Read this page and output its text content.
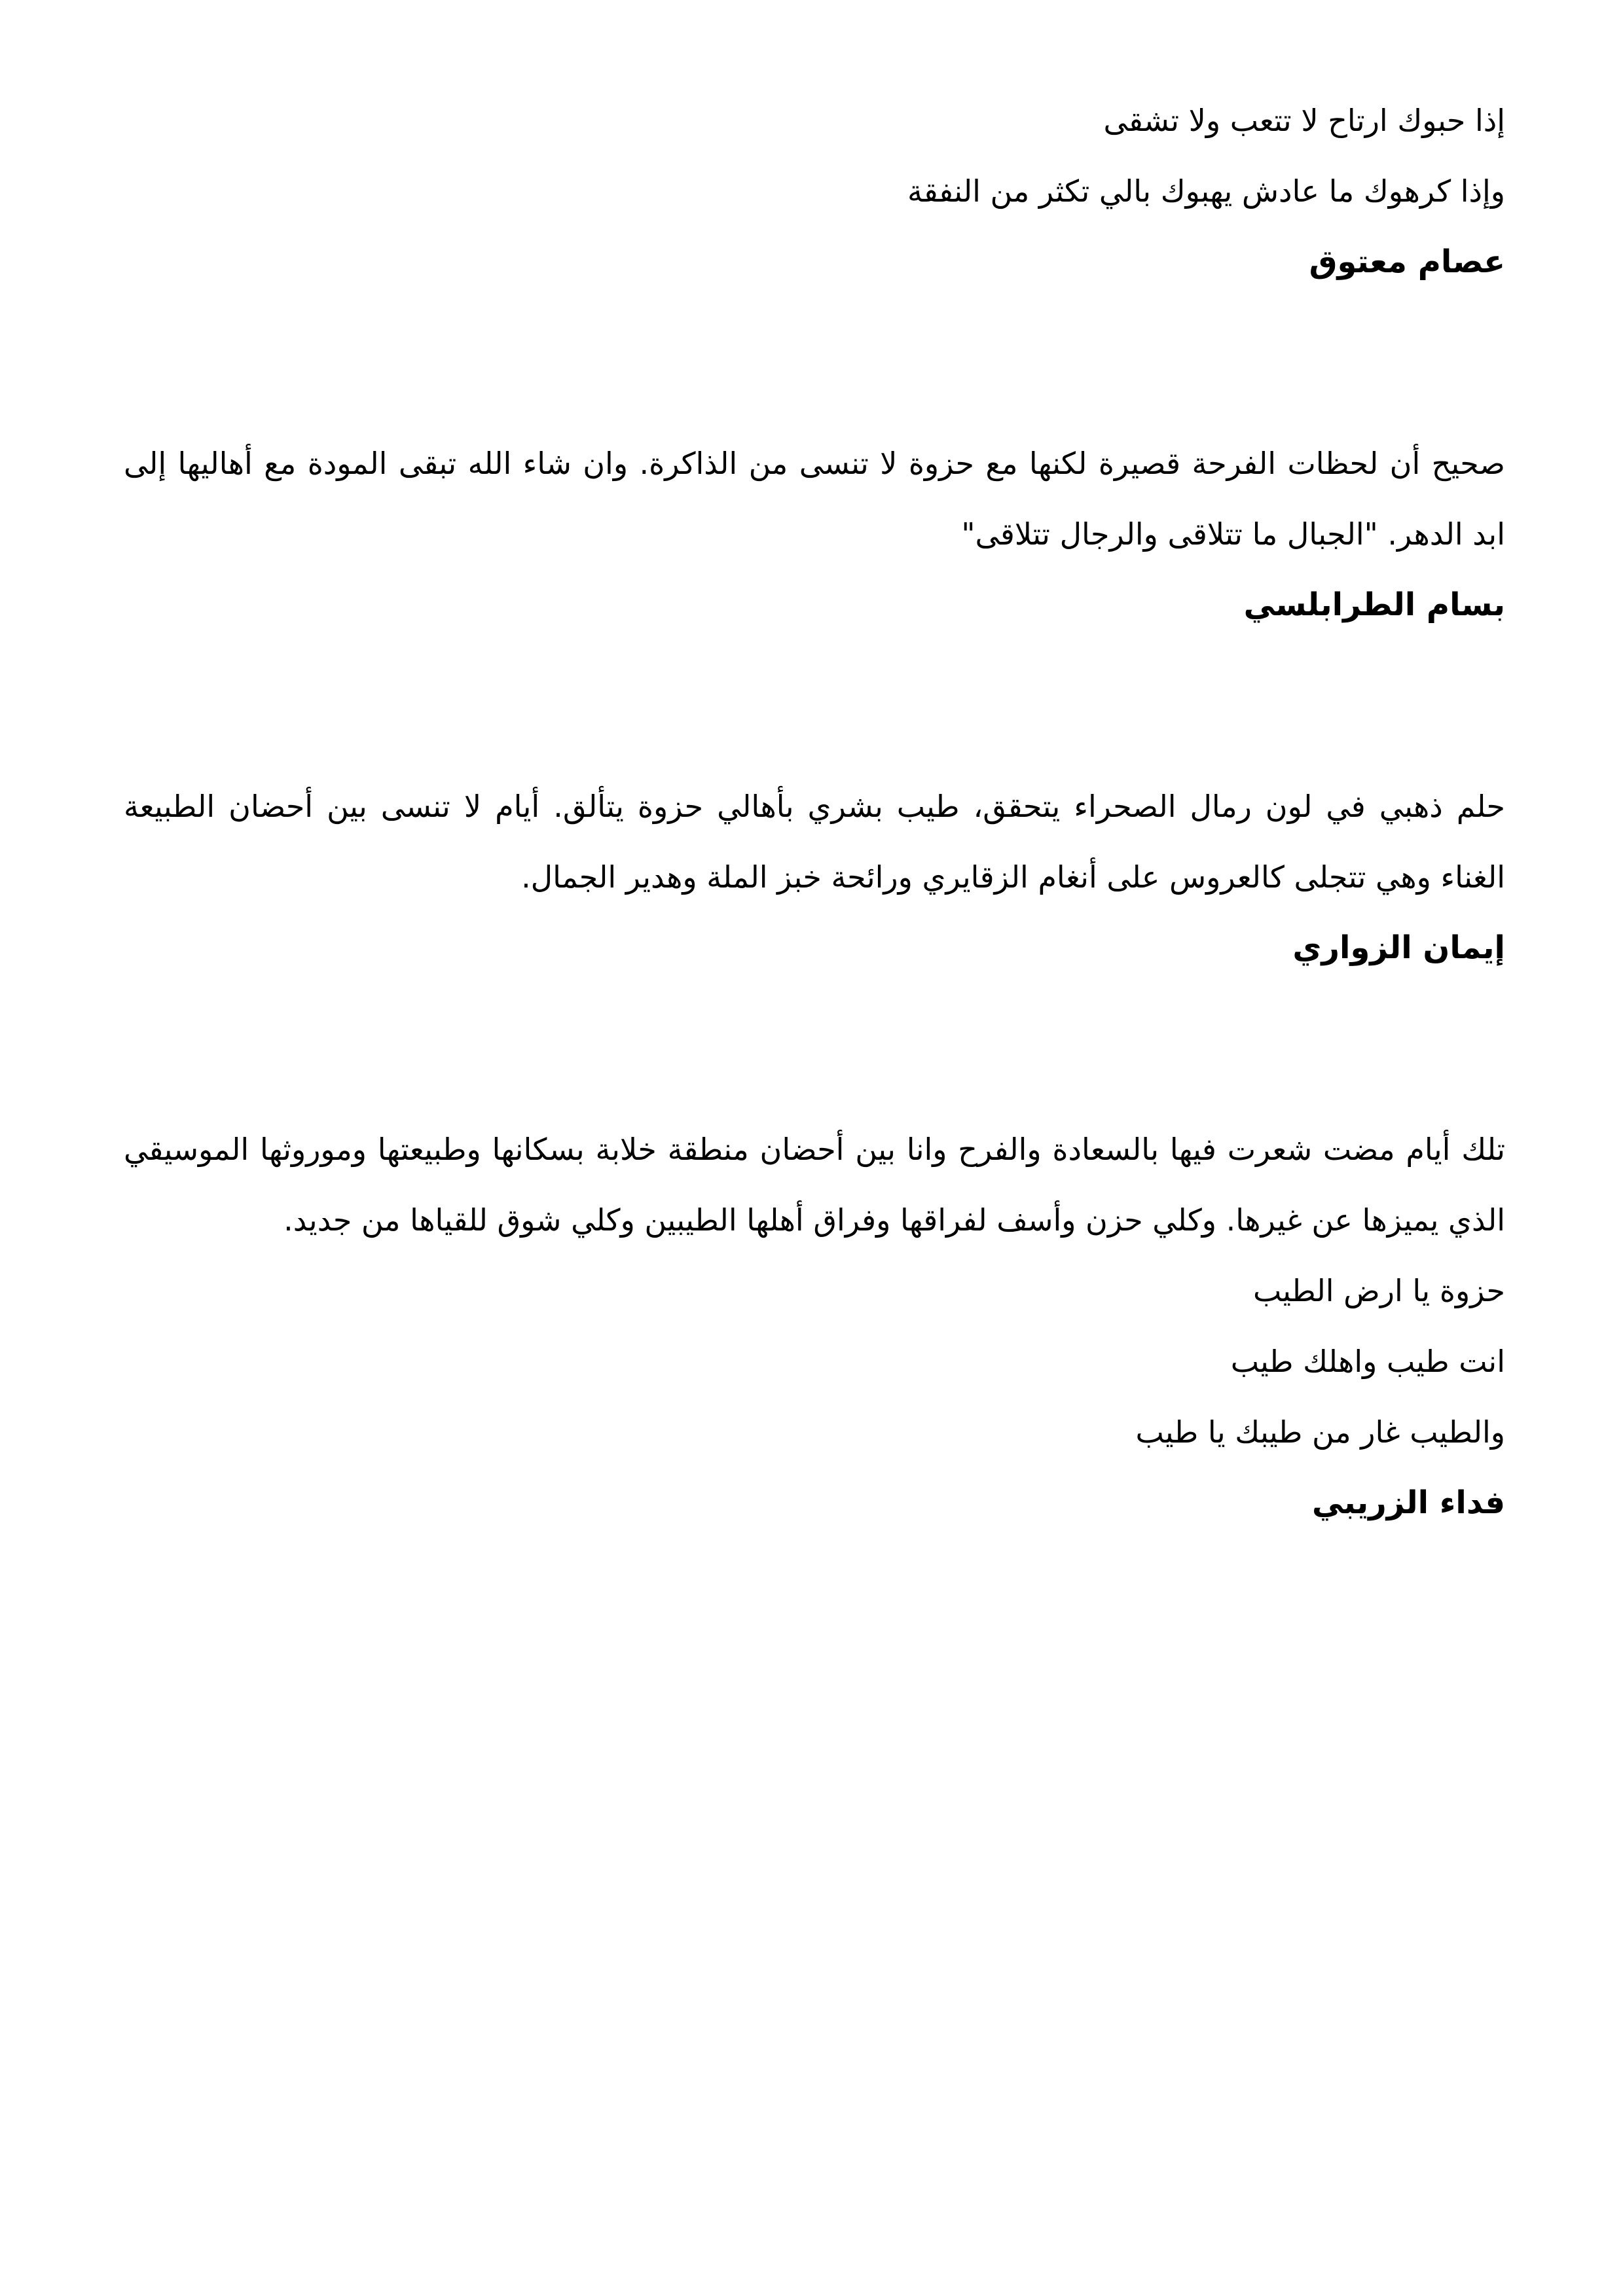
إذا حبوك ارتاح لا تتعب ولا تشقى
وإذا كرهوك ما عادش يهبوك بالي تكثر من النفقة
عصام معتوق
صحيح أن لحظات الفرحة قصيرة لكنها مع حزوة لا تنسى من الذاكرة. وان شاء الله تبقى المودة مع أهاليها إلى ابد الدهر. "الجبال ما تتلاقى والرجال تتلاقى"
بسام الطرابلسي
حلم ذهبي في لون رمال الصحراء يتحقق، طيب بشري بأهالي حزوة يتألق. أيام لا تنسى بين أحضان الطبيعة الغناء وهي تتجلى كالعروس على أنغام الزقايري ورائحة خبز الملة وهدير الجمال.
إيمان الزواري
تلك أيام مضت شعرت فيها بالسعادة والفرح وانا بين أحضان منطقة خلابة بسكانها وطبيعتها وموروثها الموسيقي الذي يميزها عن غيرها. وكلي حزن وأسف لفراقها وفراق أهلها الطيبين وكلي شوق للقياها من جديد.
حزوة يا ارض الطيب
انت طيب واهلك طيب
والطيب غار من طيبك يا طيب
فداء الزريبي
